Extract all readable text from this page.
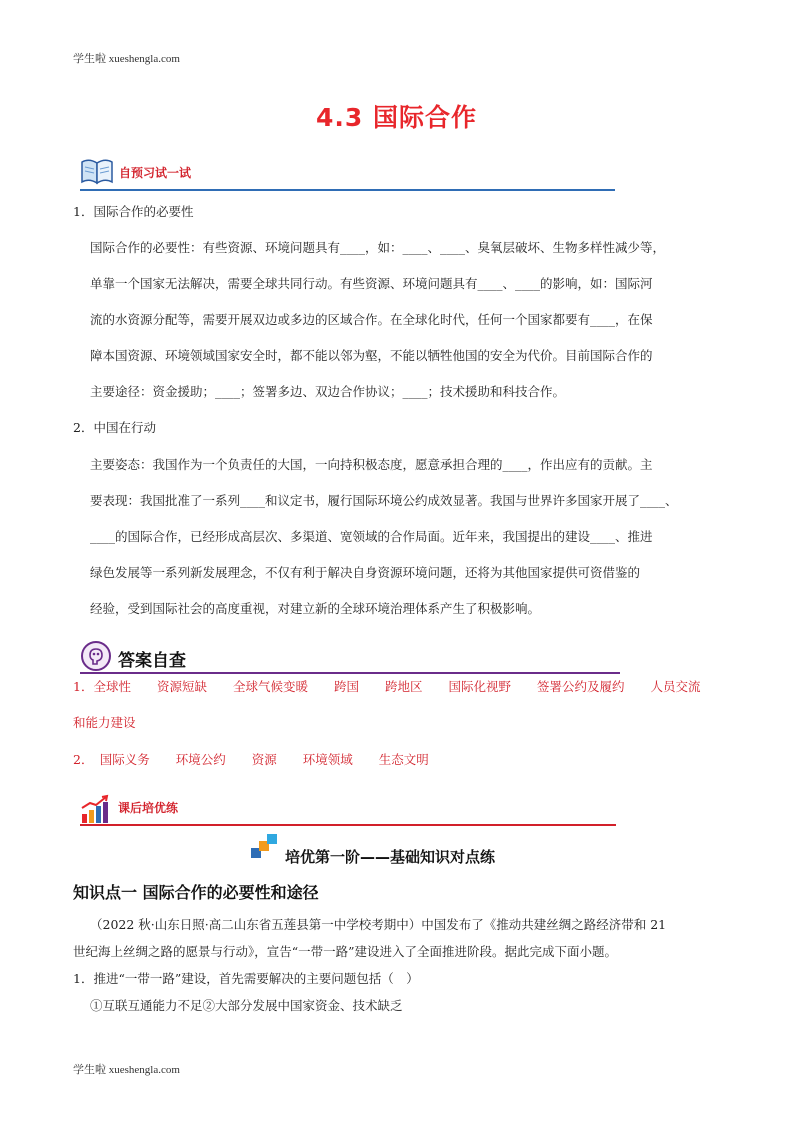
学生啦 xueshengla.com
4.3 国际合作
自预习试一试
1．国际合作的必要性
国际合作的必要性：有些资源、环境问题具有____，如：____、____、臭氧层破坏、生物多样性减少等，
单靠一个国家无法解决，需要全球共同行动。有些资源、环境问题具有____、____的影响，如：国际河
流的水资源分配等，需要开展双边或多边的区域合作。在全球化时代，任何一个国家都要有____，在保
障本国资源、环境领域国家安全时，都不能以邻为壑，不能以牺牲他国的安全为代价。目前国际合作的
主要途径：资金援助；____；签署多边、双边合作协议；____；技术援助和科技合作。
2．中国在行动
主要姿态：我国作为一个负责任的大国，一向持积极态度，愿意承担合理的____，作出应有的贡献。主
要表现：我国批准了一系列____和议定书，履行国际环境公约成效显著。我国与世界许多国家开展了____、
____的国际合作，已经形成高层次、多渠道、宽领域的合作局面。近年来，我国提出的建设____、推进
绿色发展等一系列新发展理念，不仅有利于解决自身资源环境问题，还将为其他国家提供可资借鉴的
经验，受到国际社会的高度重视，对建立新的全球环境治理体系产生了积极影响。
答案自查
1．全球性 资源短缺 全球气候变暖 跨国 跨地区 国际化视野 签署公约及履约 人员交流
和能力建设
2．　国际义务 环境公约 资源 环境领域 生态文明
课后培优练
培优第一阶——基础知识对点练
知识点一 国际合作的必要性和途径
（2022 秋·山东日照·高二山东省五莲县第一中学校考期中）中国发布了《推动共建丝绸之路经济带和 21
世纪海上丝绸之路的愿景与行动》，宣告“一带一路”建设进入了全面推进阶段。据此完成下面小题。
1．推进“一带一路”建设，首先需要解决的主要问题包括（　）
①互联互通能力不足②大部分发展中国家资金、技术缺乏
学生啦 xueshengla.com
